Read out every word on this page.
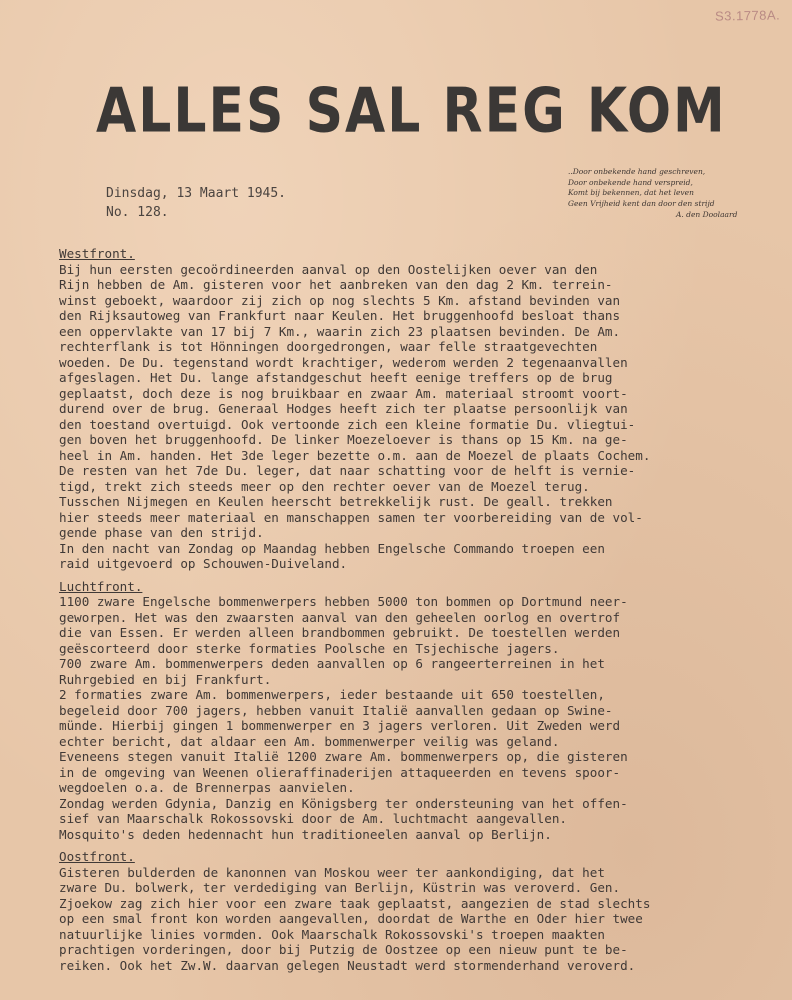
S3.1778A.
ALLES SAL REG KOM
Dinsdag, 13 Maart 1945.
No. 128.
..Door onbekende hand geschreven,
Door onbekende hand verspreid,
Komt bij bekennen, dat het leven
Geen Vrijheid kent dan door den strijd
A. den Doolaard
Westfront.
Bij hun eersten gecoördineerden aanval op den Oostelijken oever van den
Rijn hebben de Am. gisteren voor het aanbreken van den dag 2 Km. terrein-
winst geboekt, waardoor zij zich op nog slechts 5 Km. afstand bevinden van
den Rijksautoweg van Frankfurt naar Keulen. Het bruggenhoofd besloat thans
een oppervlakte van 17 bij 7 Km., waarin zich 23 plaatsen bevinden. De Am.
rechterflank is tot Hönningen doorgedrongen, waar felle straatgevechten
woeden. De Du. tegenstand wordt krachtiger, wederom werden 2 tegenaanvallen
afgeslagen. Het Du. lange afstandgeschut heeft eenige treffers op de brug
geplaatst, doch deze is nog bruikbaar en zwaar Am. materiaal stroomt voort-
durend over de brug. Generaal Hodges heeft zich ter plaatse persoonlijk van
den toestand overtuigd. Ook vertoonde zich een kleine formatie Du. vliegtui-
gen boven het bruggenhoofd. De linker Moezeloever is thans op 15 Km. na ge-
heel in Am. handen. Het 3de leger bezette o.m. aan de Moezel de plaats Cochem.
De resten van het 7de Du. leger, dat naar schatting voor de helft is vernie-
tigd, trekt zich steeds meer op den rechter oever van de Moezel terug.
Tusschen Nijmegen en Keulen heerscht betrekkelijk rust. De geall. trekken
hier steeds meer materiaal en manschappen samen ter voorbereiding van de vol-
gende phase van den strijd.
In den nacht van Zondag op Maandag hebben Engelsche Commando troepen een
raid uitgevoerd op Schouwen-Duiveland.
Luchtfront.
1100 zware Engelsche bommenwerpers hebben 5000 ton bommen op Dortmund neer-
geworpen. Het was den zwaarsten aanval van den geheelen oorlog en overtrof
die van Essen. Er werden alleen brandbommen gebruikt. De toestellen werden
geëscorteerd door sterke formaties Poolsche en Tsjechische jagers.
700 zware Am. bommenwerpers deden aanvallen op 6 rangeerterreinen in het
Ruhrgebied en bij Frankfurt.
2 formaties zware Am. bommenwerpers, ieder bestaande uit 650 toestellen,
begeleid door 700 jagers, hebben vanuit Italië aanvallen gedaan op Swine-
münde. Hierbij gingen 1 bommenwerper en 3 jagers verloren. Uit Zweden werd
echter bericht, dat aldaar een Am. bommenwerper veilig was geland.
Eveneens stegen vanuit Italië 1200 zware Am. bommenwerpers op, die gisteren
in de omgeving van Weenen olieraffinaderijen attaqueerden en tevens spoor-
wegdoelen o.a. de Brennerpas aanvielen.
Zondag werden Gdynia, Danzig en Königsberg ter ondersteuning van het offen-
sief van Maarschalk Rokossovski door de Am. luchtmacht aangevallen.
Mosquito's deden hedennacht hun traditioneelen aanval op Berlijn.
Oostfront.
Gisteren bulderden de kanonnen van Moskou weer ter aankondiging, dat het
zware Du. bolwerk, ter verdediging van Berlijn, Küstrin was veroverd. Gen.
Zjoekow zag zich hier voor een zware taak geplaatst, aangezien de stad slechts
op een smal front kon worden aangevallen, doordat de Warthe en Oder hier twee
natuurlijke linies vormden. Ook Maarschalk Rokossovski's troepen maakten
prachtigen vorderingen, door bij Putzig de Oostzee op een nieuw punt te be-
reiken. Ook het Zw.W. daarvan gelegen Neustadt werd stormenderhand veroverd.
